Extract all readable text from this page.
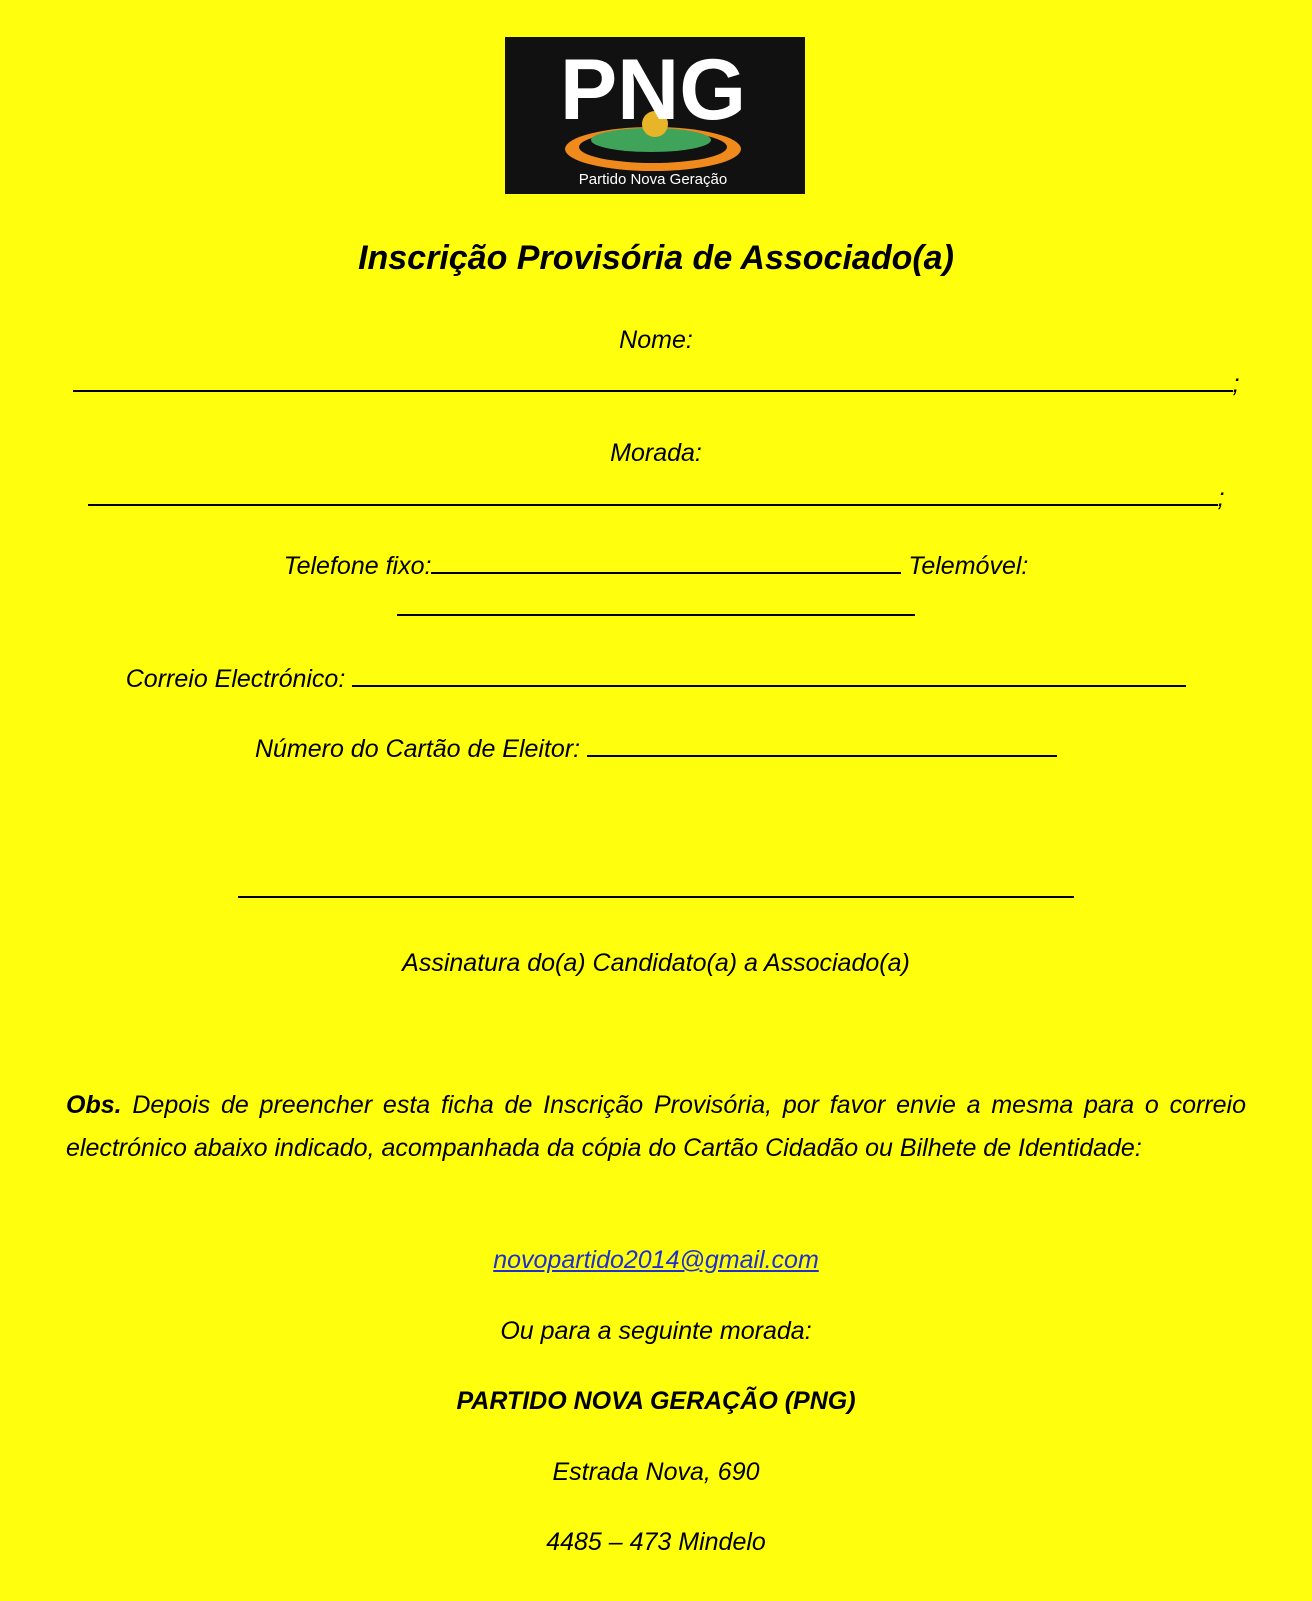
PNG
Partido Nova Geração
Inscrição Provisória de Associado(a)
Nome:
;
Morada:
;
Telefone fixo:	Telemóvel:
Correio Electrónico:
Número do Cartão de Eleitor:
Assinatura do(a) Candidato(a) a Associado(a)
Obs. Depois de preencher esta ficha de Inscrição Provisória, por favor envie a mesma para o correio electrónico abaixo indicado, acompanhada da cópia do Cartão Cidadão ou Bilhete de Identidade:
novopartido2014@gmail.com
Ou para a seguinte morada:
PARTIDO NOVA GERAÇÃO (PNG)
Estrada Nova, 690
4485 – 473 Mindelo
